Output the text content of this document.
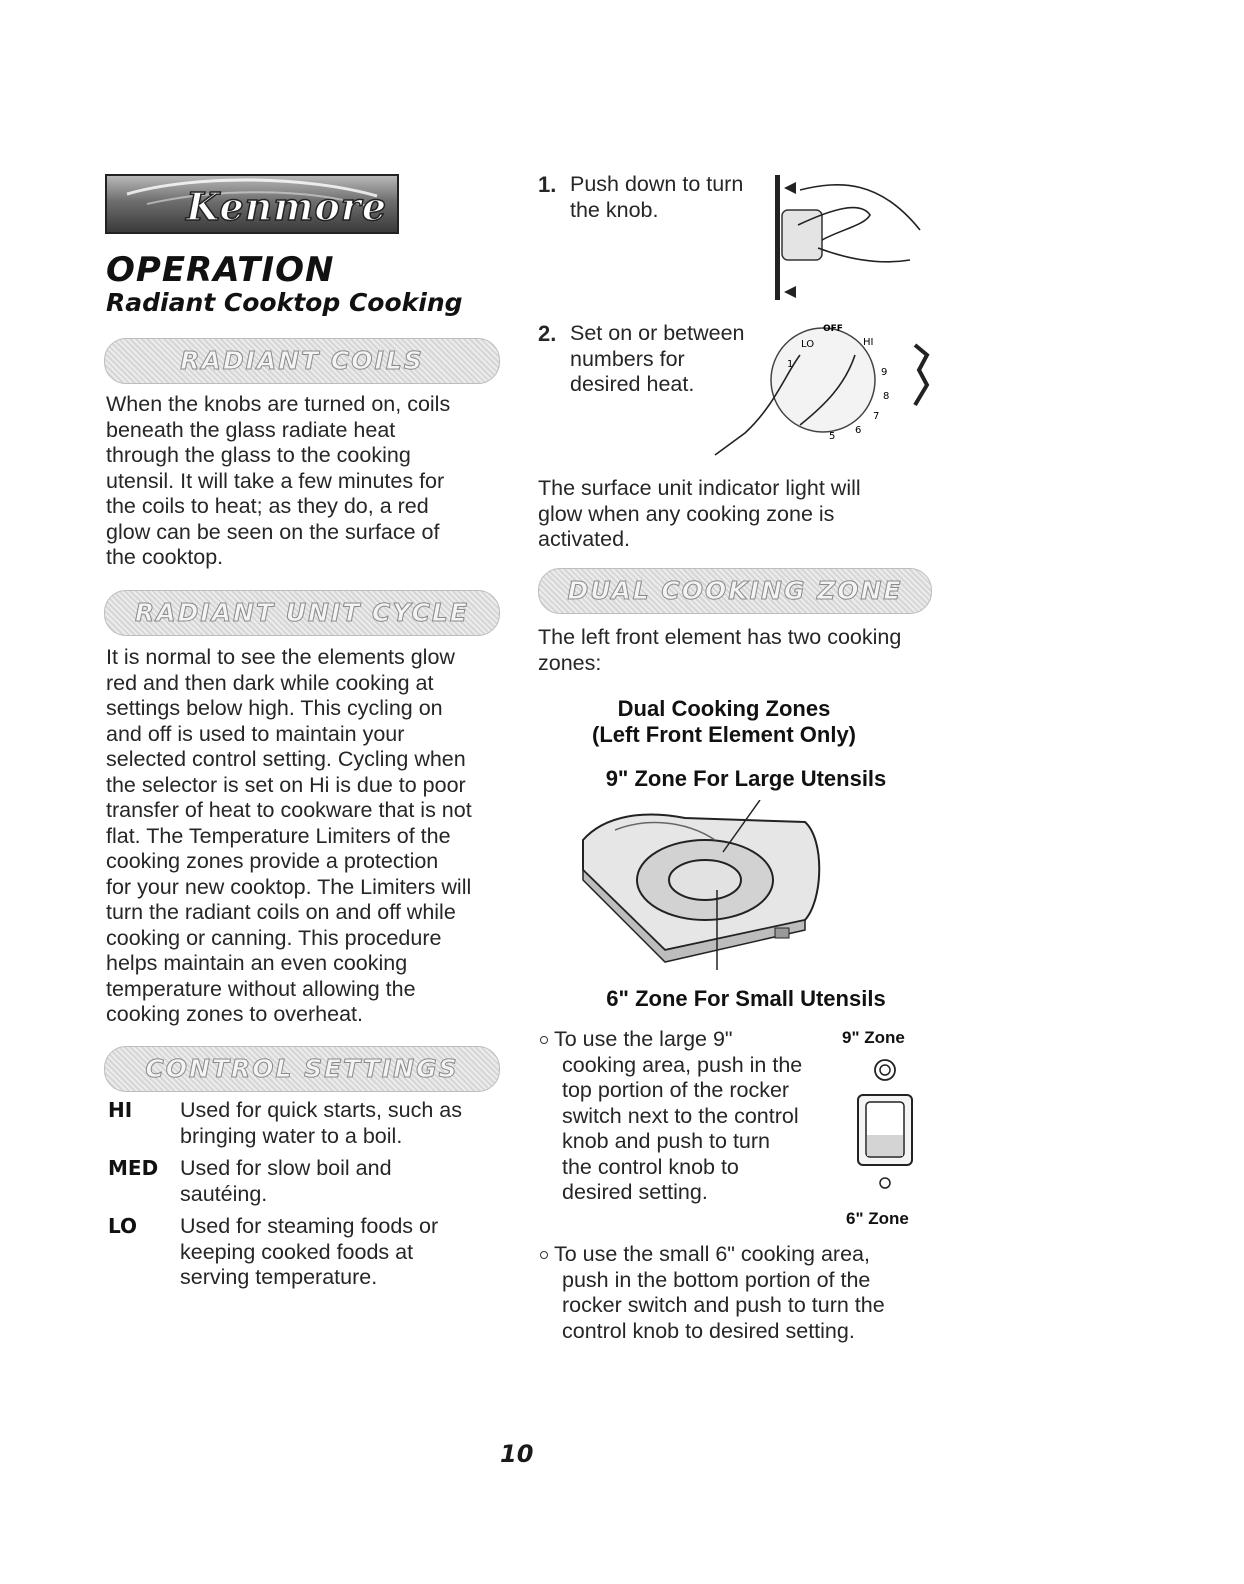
Kenmore
OPERATION
Radiant Cooktop Cooking
RADIANT COILS
When the knobs are turned on, coils
beneath the glass radiate heat
through the glass to the cooking
utensil. It will take a few minutes for
the coils to heat; as they do, a red
glow can be seen on the surface of
the cooktop.
RADIANT UNIT CYCLE
It is normal to see the elements glow
red and then dark while cooking at
settings below high. This cycling on
and off is used to maintain your
selected control setting. Cycling when
the selector is set on Hi is due to poor
transfer of heat to cookware that is not
flat. The Temperature Limiters of the
cooking zones provide a protection
for your new cooktop. The Limiters will
turn the radiant coils on and off while
cooking or canning. This procedure
helps maintain an even cooking
temperature without allowing the
cooking zones to overheat.
CONTROL SETTINGS
HI	Used for quick starts, such as
bringing water to a boil.
MED	Used for slow boil and
sautéing.
LO	Used for steaming foods or
keeping cooked foods at
serving temperature.
1. Push down to turn
the knob.
2. Set on or between
numbers for
desired heat.
OFF
LO	HI
1
9
8
7
6
5
The surface unit indicator light will
glow when any cooking zone is
activated.
DUAL COOKING ZONE
The left front element has two cooking
zones:
Dual Cooking Zones
(Left Front Element Only)
9" Zone For Large Utensils
6" Zone For Small Utensils
To use the large 9"
cooking area, push in the
top portion of the rocker
switch next to the control
knob and push to turn
the control knob to
desired setting.
9" Zone
6" Zone
To use the small 6" cooking area,
push in the bottom portion of the
rocker switch and push to turn the
control knob to desired setting.
10
